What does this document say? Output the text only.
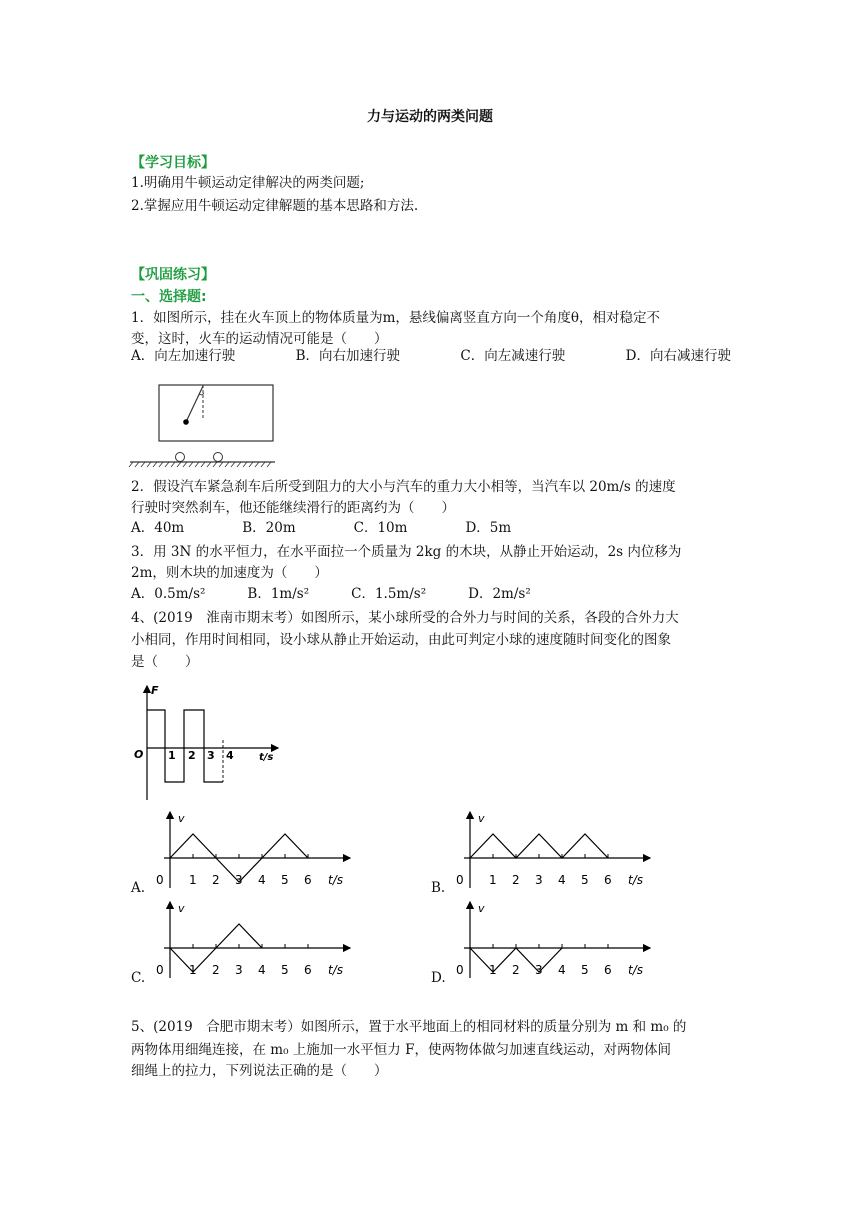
力与运动的两类问题
【学习目标】
1.明确用牛顿运动定律解决的两类问题;
2.掌握应用牛顿运动定律解题的基本思路和方法.
【巩固练习】
一、选择题:
1．如图所示，挂在火车顶上的物体质量为m，悬线偏离竖直方向一个角度θ，相对稳定不
变，这时，火车的运动情况可能是（　　）
A．向左加速行驶	B．向右加速行驶	C．向左减速行驶	D．向右减速行驶
2．假设汽车紧急刹车后所受到阻力的大小与汽车的重力大小相等，当汽车以 20m/s 的速度
行驶时突然刹车，他还能继续滑行的距离约为（　　）
A．40m	B．20m	C．10m	D．5m
3．用 3N 的水平恒力，在水平面拉一个质量为 2kg 的木块，从静止开始运动，2s 内位移为
2m，则木块的加速度为（　　）
A．0.5m/s²	B．1m/s²	C．1.5m/s²	D．2m/s²
4、(2019　淮南市期末考）如图所示，某小球所受的合外力与时间的关系，各段的合外力大
小相同，作用时间相同，设小球从静止开始运动，由此可判定小球的速度随时间变化的图象
是（　　）
F
O	t/s
1 2 3 4
A.	B.
C.	D.
v
t/s
0 1 2 3 4 5 6
v
t/s
0 1 2 3 4 5 6
v
t/s
0 1 2 3 4 5 6
v
t/s
0 1 2 3 4 5 6
5、(2019　合肥市期末考）如图所示，置于水平地面上的相同材料的质量分别为 m 和 m₀ 的
两物体用细绳连接，在 m₀ 上施加一水平恒力 F，使两物体做匀加速直线运动，对两物体间
细绳上的拉力，下列说法正确的是（　　）
